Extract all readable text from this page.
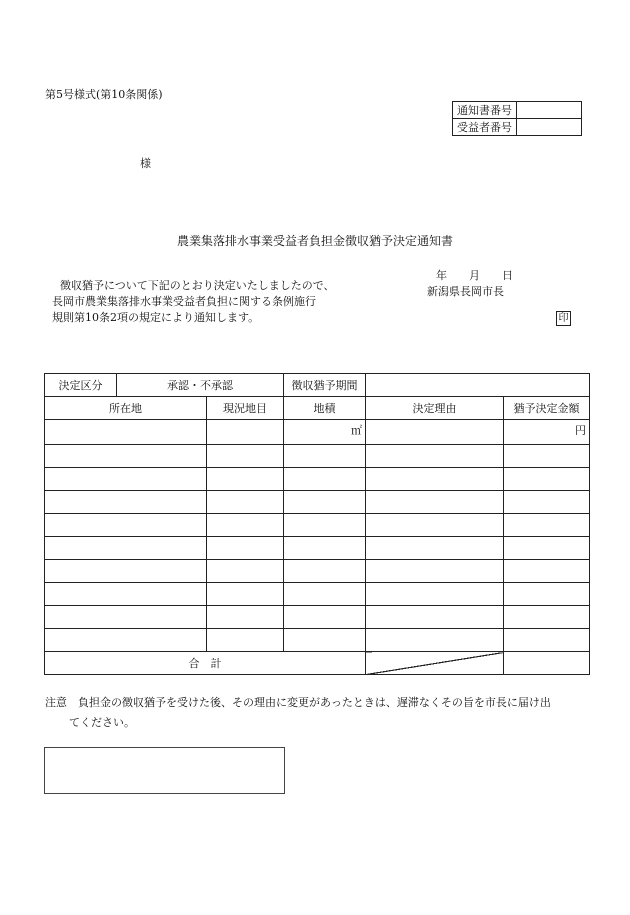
第5号様式(第10条関係)
通知書番号	
受益者番号	
様
農業集落排水事業受益者負担金徴収猶予決定通知書
年 月 日
新潟県長岡市長
徴収猶予について下記のとおり決定いたしましたので、
長岡市農業集落排水事業受益者負担に関する条例施行
規則第10条2項の規定により通知します。	印
決定区分	承認・不承認		徴収猶予期間		
所在地		現況地目	地積	決定理由	猶予決定金額
			㎡		円

合　計					
注意　 負担金の徴収猶予を受けた後、その理由に変更があったときは、遅滞なくその旨を市長に届け出
てください。
